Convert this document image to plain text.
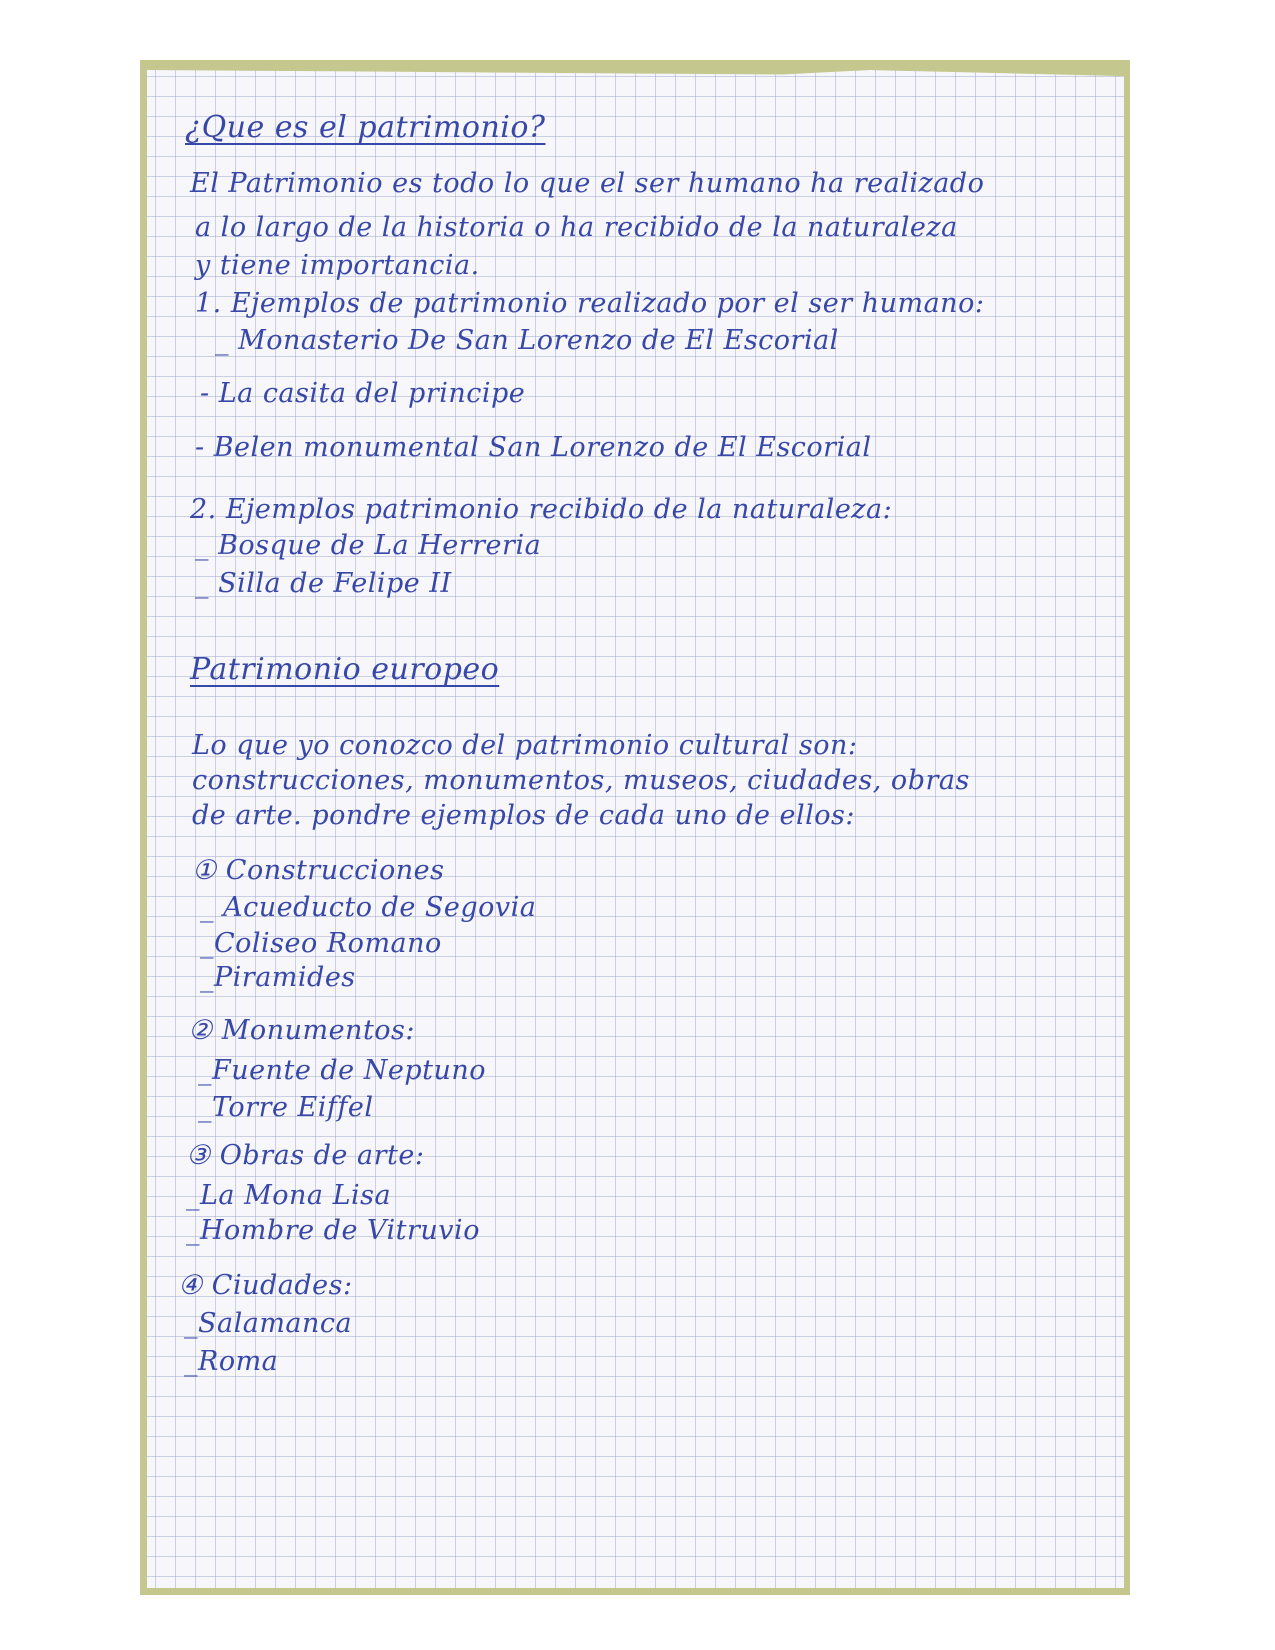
¿Que es el patrimonio?
El Patrimonio es todo lo que el ser humano ha realizado
a lo largo de la historia o ha recibido de la naturaleza
y tiene importancia.
1. Ejemplos de patrimonio realizado por el ser humano:
_ Monasterio De San Lorenzo de El Escorial
- La casita del principe
- Belen monumental San Lorenzo de El Escorial
2. Ejemplos patrimonio recibido de la naturaleza:
_ Bosque de La Herreria
_ Silla de Felipe II
Patrimonio europeo
Lo que yo conozco del patrimonio cultural son:
construcciones, monumentos, museos, ciudades, obras
de arte. pondre ejemplos de cada uno de ellos:
① Construcciones
_ Acueducto de Segovia
_Coliseo Romano
_Piramides
② Monumentos:
_Fuente de Neptuno
_Torre Eiffel
③ Obras de arte:
_La Mona Lisa
_Hombre de Vitruvio
④ Ciudades:
_Salamanca
_Roma
